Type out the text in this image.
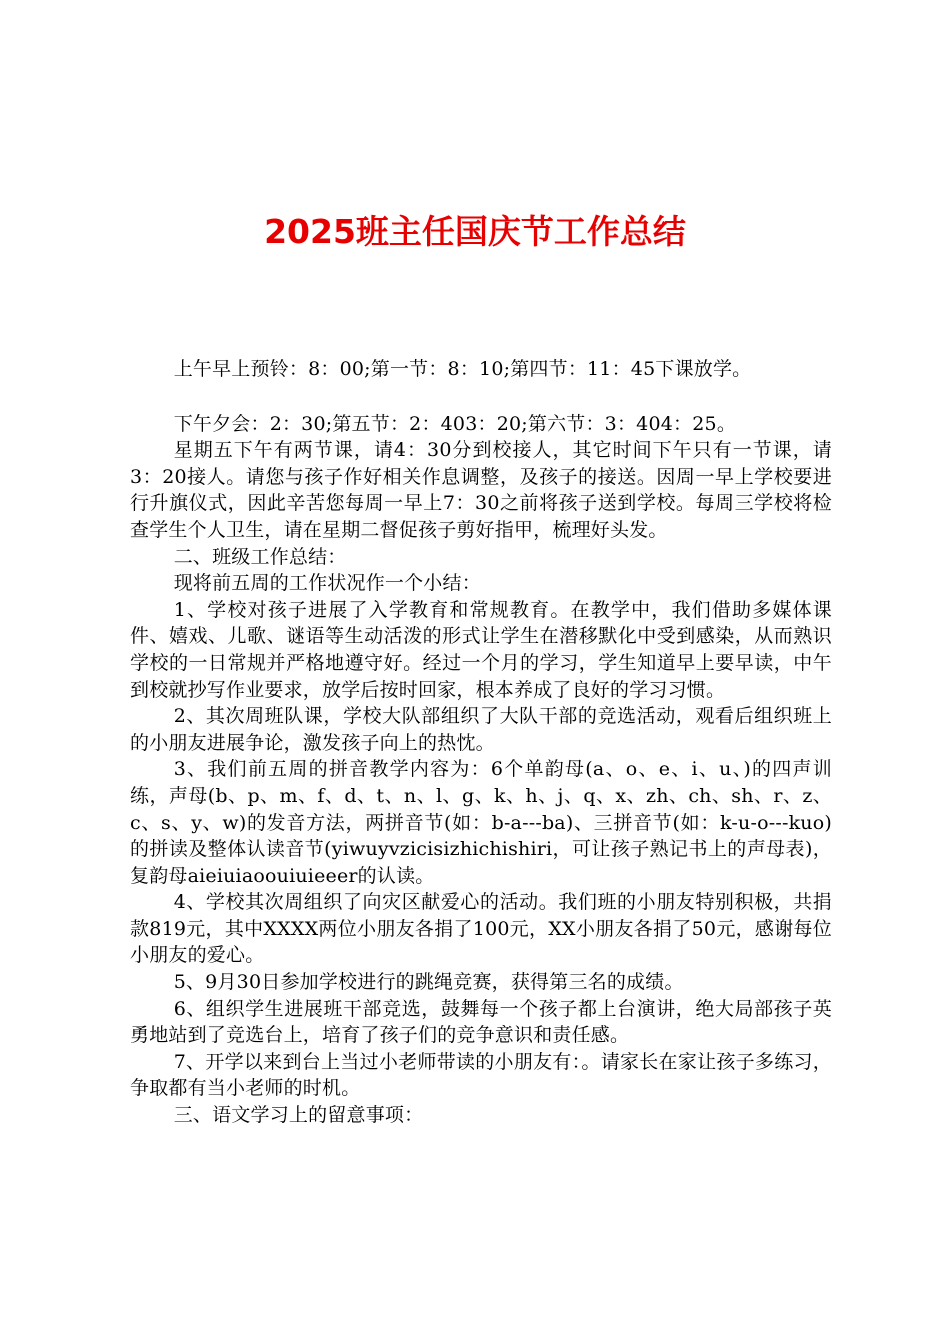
2025班主任国庆节工作总结

上午早上预铃：8：00;第一节：8：10;第四节：11：45下课放学。

下午夕会：2：30;第五节：2：403：20;第六节：3：404：25。

星期五下午有两节课，请4：30分到校接人，其它时间下午只有一节课，请3：20接人。请您与孩子作好相关作息调整，及孩子的接送。因周一早上学校要进行升旗仪式，因此辛苦您每周一早上7：30之前将孩子送到学校。每周三学校将检查学生个人卫生，请在星期二督促孩子剪好指甲，梳理好头发。

二、班级工作总结：

现将前五周的工作状况作一个小结：

1、学校对孩子进展了入学教育和常规教育。在教学中，我们借助多媒体课件、嬉戏、儿歌、谜语等生动活泼的形式让学生在潜移默化中受到感染，从而熟识学校的一日常规并严格地遵守好。经过一个月的学习，学生知道早上要早读，中午到校就抄写作业要求，放学后按时回家，根本养成了良好的学习习惯。

2、其次周班队课，学校大队部组织了大队干部的竞选活动，观看后组织班上的小朋友进展争论，激发孩子向上的热忱。

3、我们前五周的拼音教学内容为：6个单韵母(a、o、e、i、u、)的四声训练，声母(b、p、m、f、d、t、n、l、g、k、h、j、q、x、zh、ch、sh、r、z、c、s、y、w)的发音方法，两拼音节(如：b-a---ba)、三拼音节(如：k-u-o---kuo)的拼读及整体认读音节(yiwuyvzicisizhichishiri，可让孩子熟记书上的声母表)，复韵母aieiuiaoouiuieeer的认读。

4、学校其次周组织了向灾区献爱心的活动。我们班的小朋友特别积极，共捐款819元，其中XXXX两位小朋友各捐了100元，XX小朋友各捐了50元，感谢每位小朋友的爱心。

5、9月30日参加学校进行的跳绳竞赛，获得第三名的成绩。

6、组织学生进展班干部竞选，鼓舞每一个孩子都上台演讲，绝大局部孩子英勇地站到了竞选台上，培育了孩子们的竞争意识和责任感。

7、开学以来到台上当过小老师带读的小朋友有：。请家长在家让孩子多练习，争取都有当小老师的时机。

三、语文学习上的留意事项：
